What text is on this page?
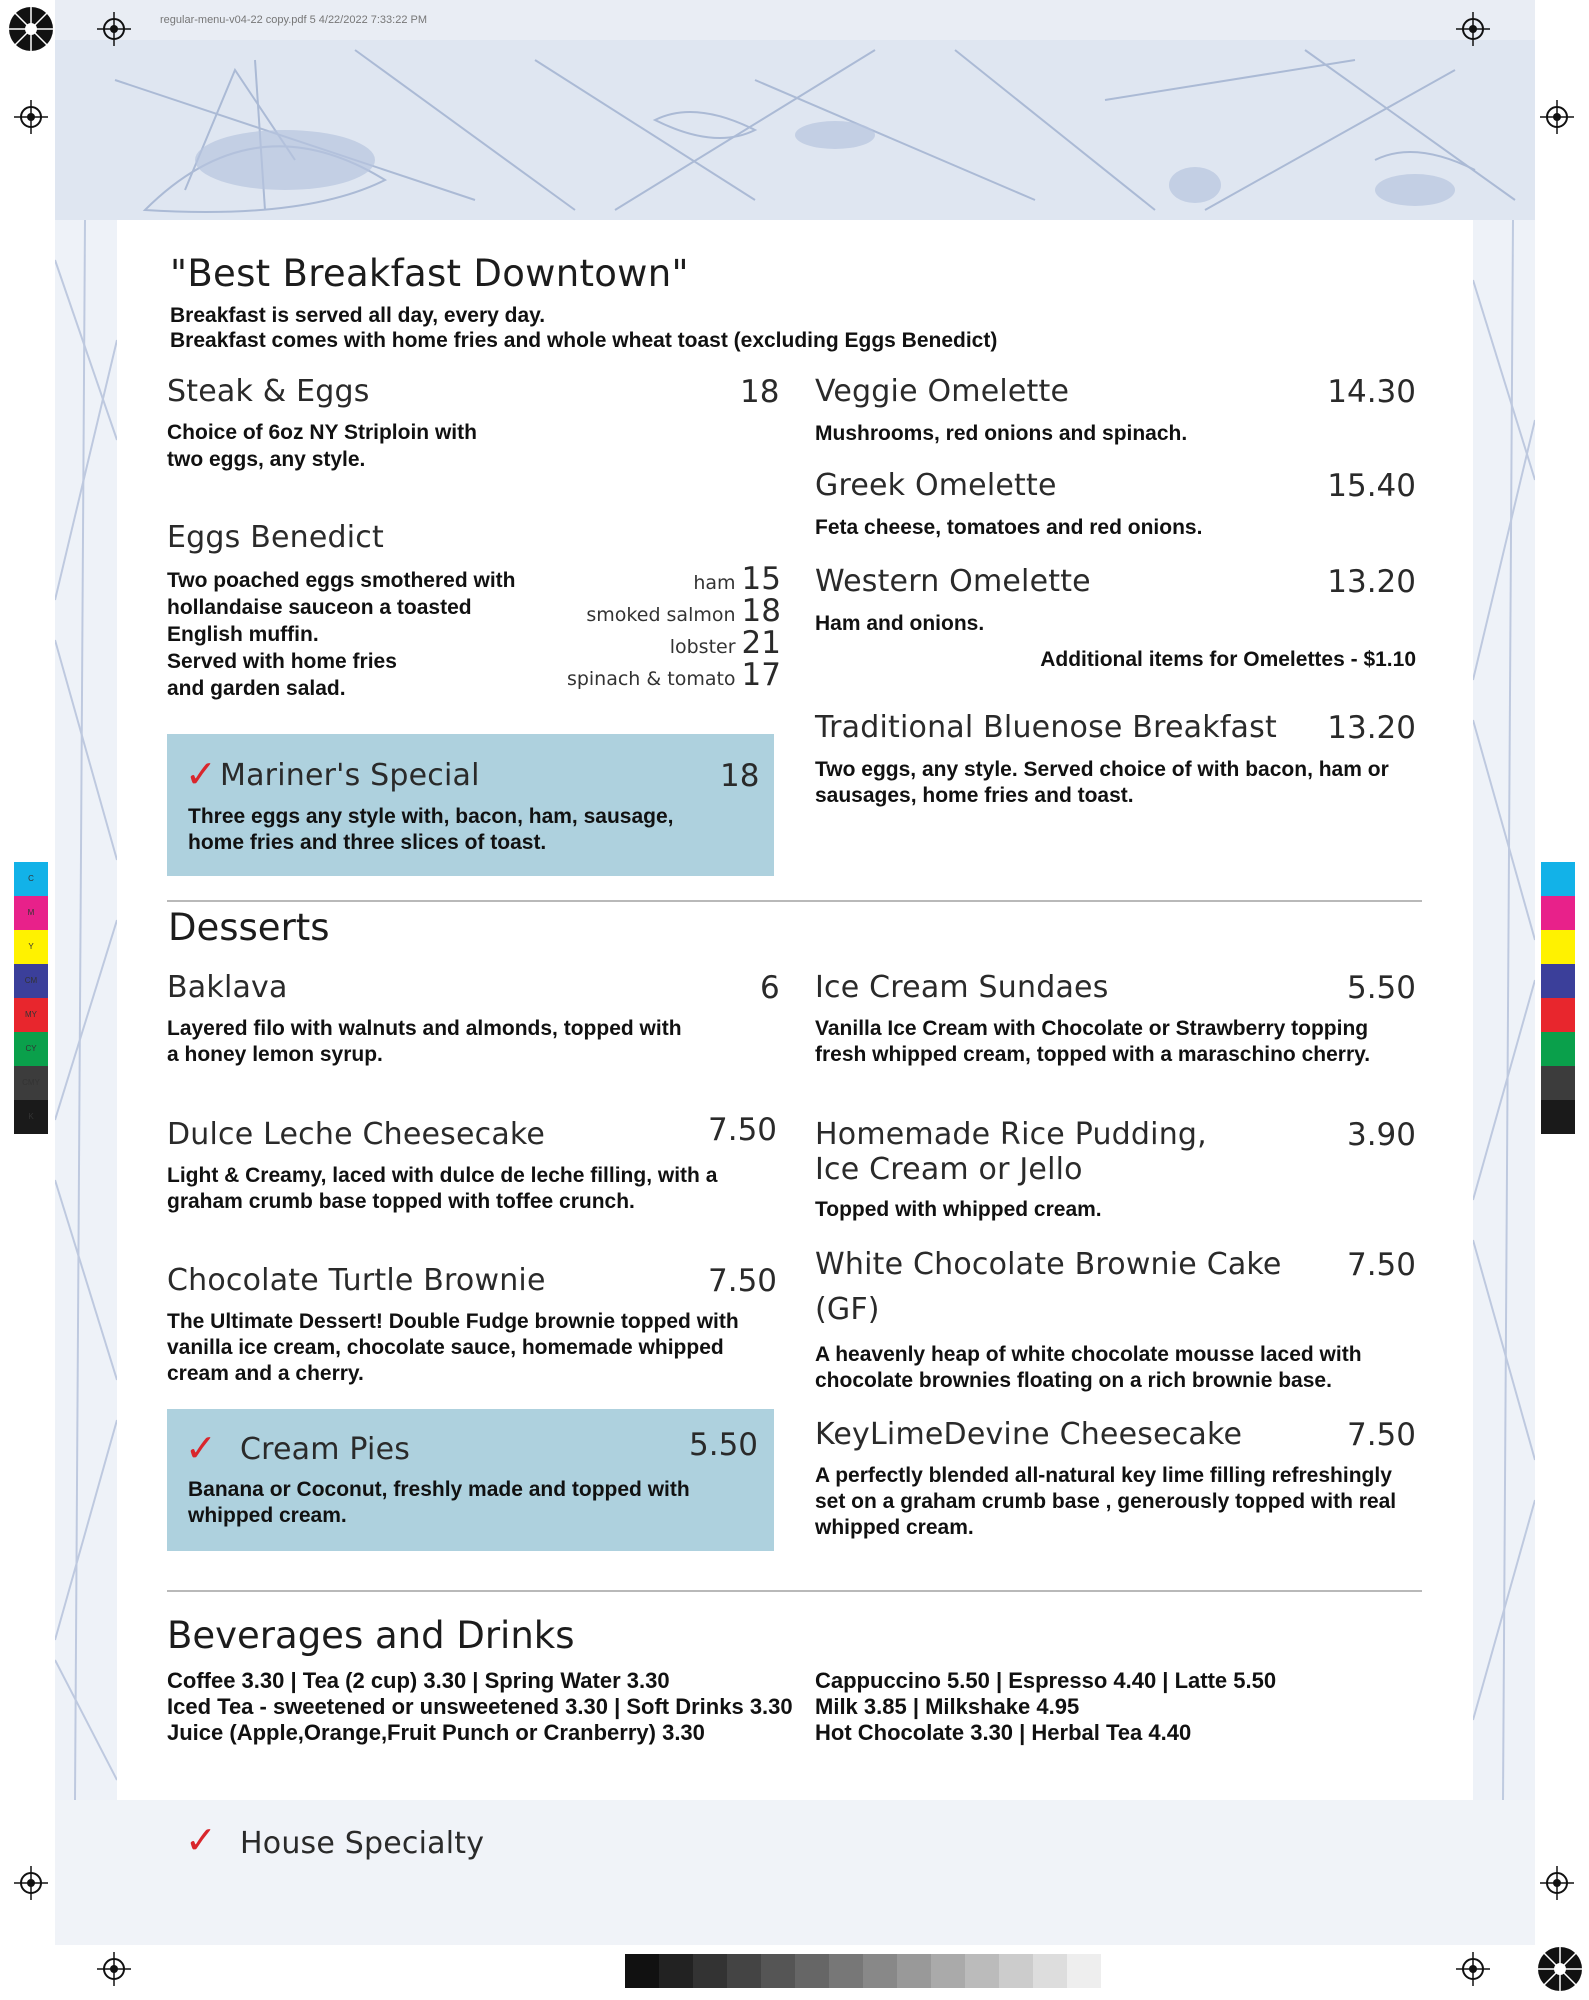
regular-menu-v04-22 copy.pdf 5 4/22/2022 7:33:22 PM
C
M
Y
CM
MY
CY
CMY
K
"Best Breakfast Downtown"
Breakfast is served all day, every day.
Breakfast comes with home fries and whole wheat toast (excluding Eggs Benedict)
Steak & Eggs	18
Choice of 6oz NY Striploin with
two eggs, any style.
Eggs Benedict
Two poached eggs smothered with
hollandaise sauceon a toasted
English muffin.
Served with home fries
and garden salad.
ham 15
smoked salmon 18
lobster 21
spinach & tomato 17
✓ Mariner's Special	18
Three eggs any style with, bacon, ham, sausage,
home fries and three slices of toast.
Veggie Omelette	14.30
Mushrooms, red onions and spinach.
Greek Omelette	15.40
Feta cheese, tomatoes and red onions.
Western Omelette	13.20
Ham and onions.
Additional items for Omelettes - $1.10
Traditional Bluenose Breakfast 13.20
Two eggs, any style. Served choice of with bacon, ham or
sausages, home fries and toast.
Desserts
Baklava	6
Layered filo with walnuts and almonds, topped with
a honey lemon syrup.
Dulce Leche Cheesecake	7.50
Light & Creamy, laced with dulce de leche filling, with a
graham crumb base topped with toffee crunch.
Chocolate Turtle Brownie	7.50
The Ultimate Dessert! Double Fudge brownie topped with
vanilla ice cream, chocolate sauce, homemade whipped
cream and a cherry.
✓ Cream Pies	5.50
Banana or Coconut, freshly made and topped with
whipped cream.
Ice Cream Sundaes	5.50
Vanilla Ice Cream with Chocolate or Strawberry topping
fresh whipped cream, topped with a maraschino cherry.
Homemade Rice Pudding,
Ice Cream or Jello
3.90
Topped with whipped cream.
White Chocolate Brownie Cake
(GF)
7.50
A heavenly heap of white chocolate mousse laced with
chocolate brownies floating on a rich brownie base.
KeyLimeDevine Cheesecake	7.50
A perfectly blended all-natural key lime filling refreshingly
set on a graham crumb base , generously topped with real
whipped cream.
Beverages and Drinks
Coffee 3.30 | Tea (2 cup) 3.30 | Spring Water 3.30
Iced Tea - sweetened or unsweetened 3.30 | Soft Drinks 3.30
Juice (Apple,Orange,Fruit Punch or Cranberry) 3.30
Cappuccino 5.50 | Espresso 4.40 | Latte 5.50
Milk 3.85 | Milkshake 4.95
Hot Chocolate 3.30 | Herbal Tea 4.40
✓ House Specialty
